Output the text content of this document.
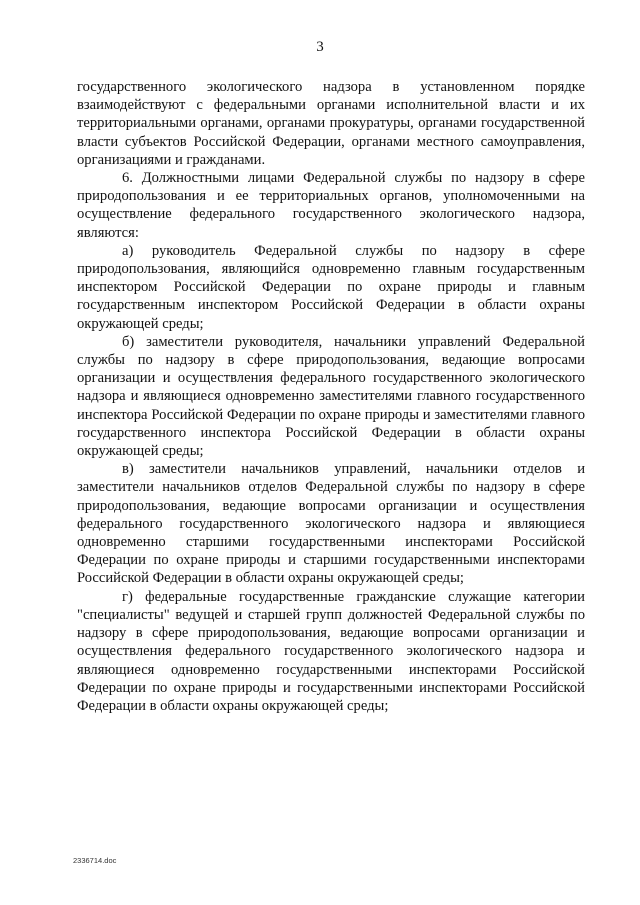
3

государственного экологического надзора в установленном порядке взаимодействуют с федеральными органами исполнительной власти и их территориальными органами, органами прокуратуры, органами государственной власти субъектов Российской Федерации, органами местного самоуправления, организациями и гражданами.

6. Должностными лицами Федеральной службы по надзору в сфере природопользования и ее территориальных органов, уполномоченными на осуществление федерального государственного экологического надзора, являются:

а) руководитель Федеральной службы по надзору в сфере природопользования, являющийся одновременно главным государственным инспектором Российской Федерации по охране природы и главным государственным инспектором Российской Федерации в области охраны окружающей среды;

б) заместители руководителя, начальники управлений Федеральной службы по надзору в сфере природопользования, ведающие вопросами организации и осуществления федерального государственного экологического надзора и являющиеся одновременно заместителями главного государственного инспектора Российской Федерации по охране природы и заместителями главного государственного инспектора Российской Федерации в области охраны окружающей среды;

в) заместители начальников управлений, начальники отделов и заместители начальников отделов Федеральной службы по надзору в сфере природопользования, ведающие вопросами организации и осуществления федерального государственного экологического надзора и являющиеся одновременно старшими государственными инспекторами Российской Федерации по охране природы и старшими государственными инспекторами Российской Федерации в области охраны окружающей среды;

г) федеральные государственные гражданские служащие категории "специалисты" ведущей и старшей групп должностей Федеральной службы по надзору в сфере природопользования, ведающие вопросами организации и осуществления федерального государственного экологического надзора и являющиеся одновременно государственными инспекторами Российской Федерации по охране природы и государственными инспекторами Российской Федерации в области охраны окружающей среды;

2336714.doc
